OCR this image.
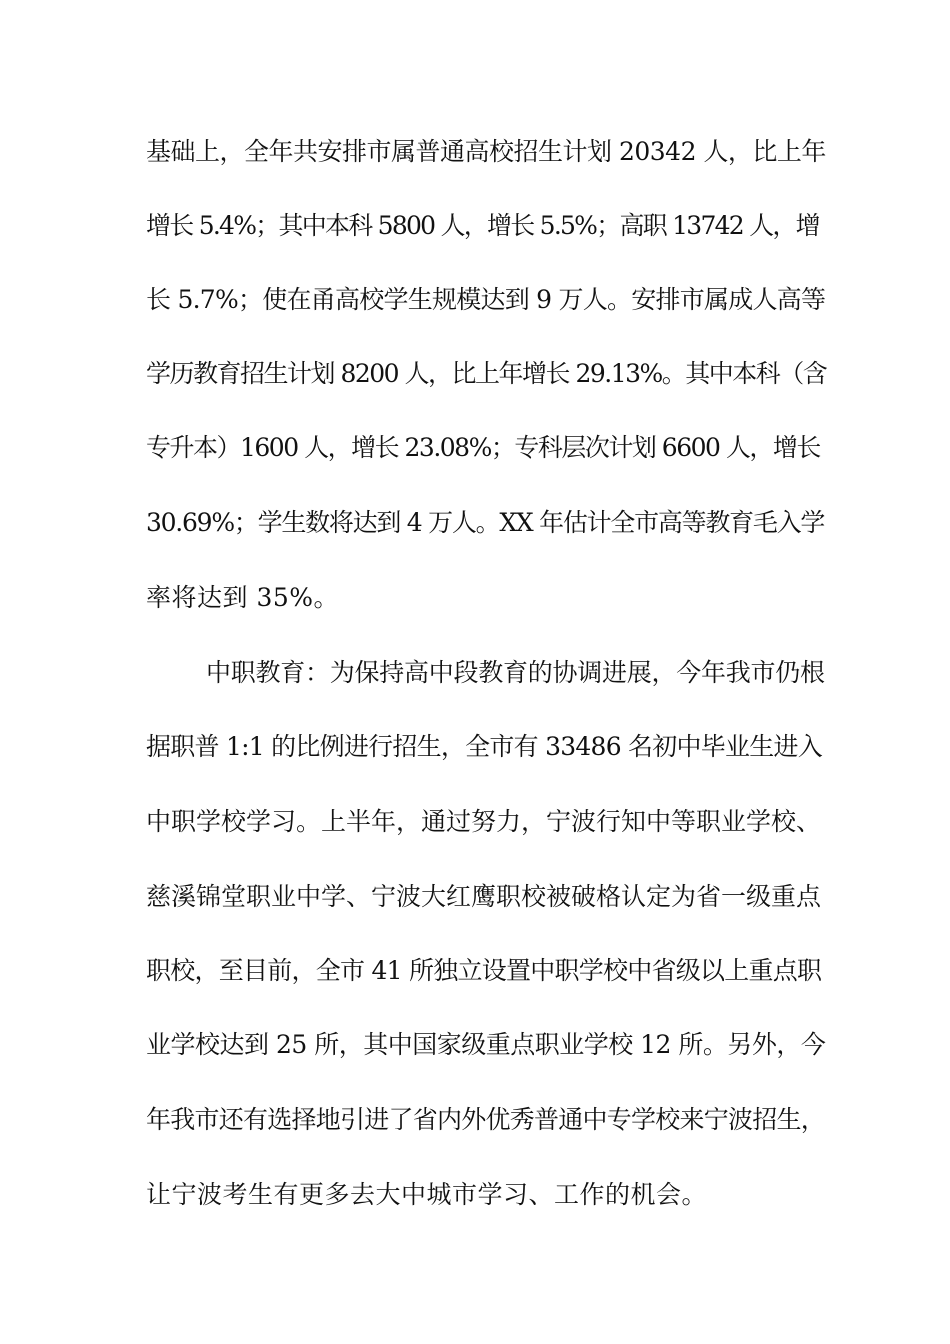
基础上，全年共安排市属普通高校招生计划 20342 人，比上年
增长 5.4%；其中本科 5800 人，增长 5.5%；高职 13742 人，增
长 5.7%；使在甬高校学生规模达到 9 万人。安排市属成人高等
学历教育招生计划 8200 人，比上年增长 29.13%。其中本科（含
专升本）1600 人，增长 23.08%；专科层次计划 6600 人，增长
30.69%；学生数将达到 4 万人。XX 年估计全市高等教育毛入学
率将达到 35%。
中职教育：为保持高中段教育的协调进展，今年我市仍根
据职普 1:1 的比例进行招生，全市有 33486 名初中毕业生进入
中职学校学习。上半年，通过努力，宁波行知中等职业学校、
慈溪锦堂职业中学、宁波大红鹰职校被破格认定为省一级重点
职校，至目前，全市 41 所独立设置中职学校中省级以上重点职
业学校达到 25 所，其中国家级重点职业学校 12 所。另外，今
年我市还有选择地引进了省内外优秀普通中专学校来宁波招生，
让宁波考生有更多去大中城市学习、工作的机会。
